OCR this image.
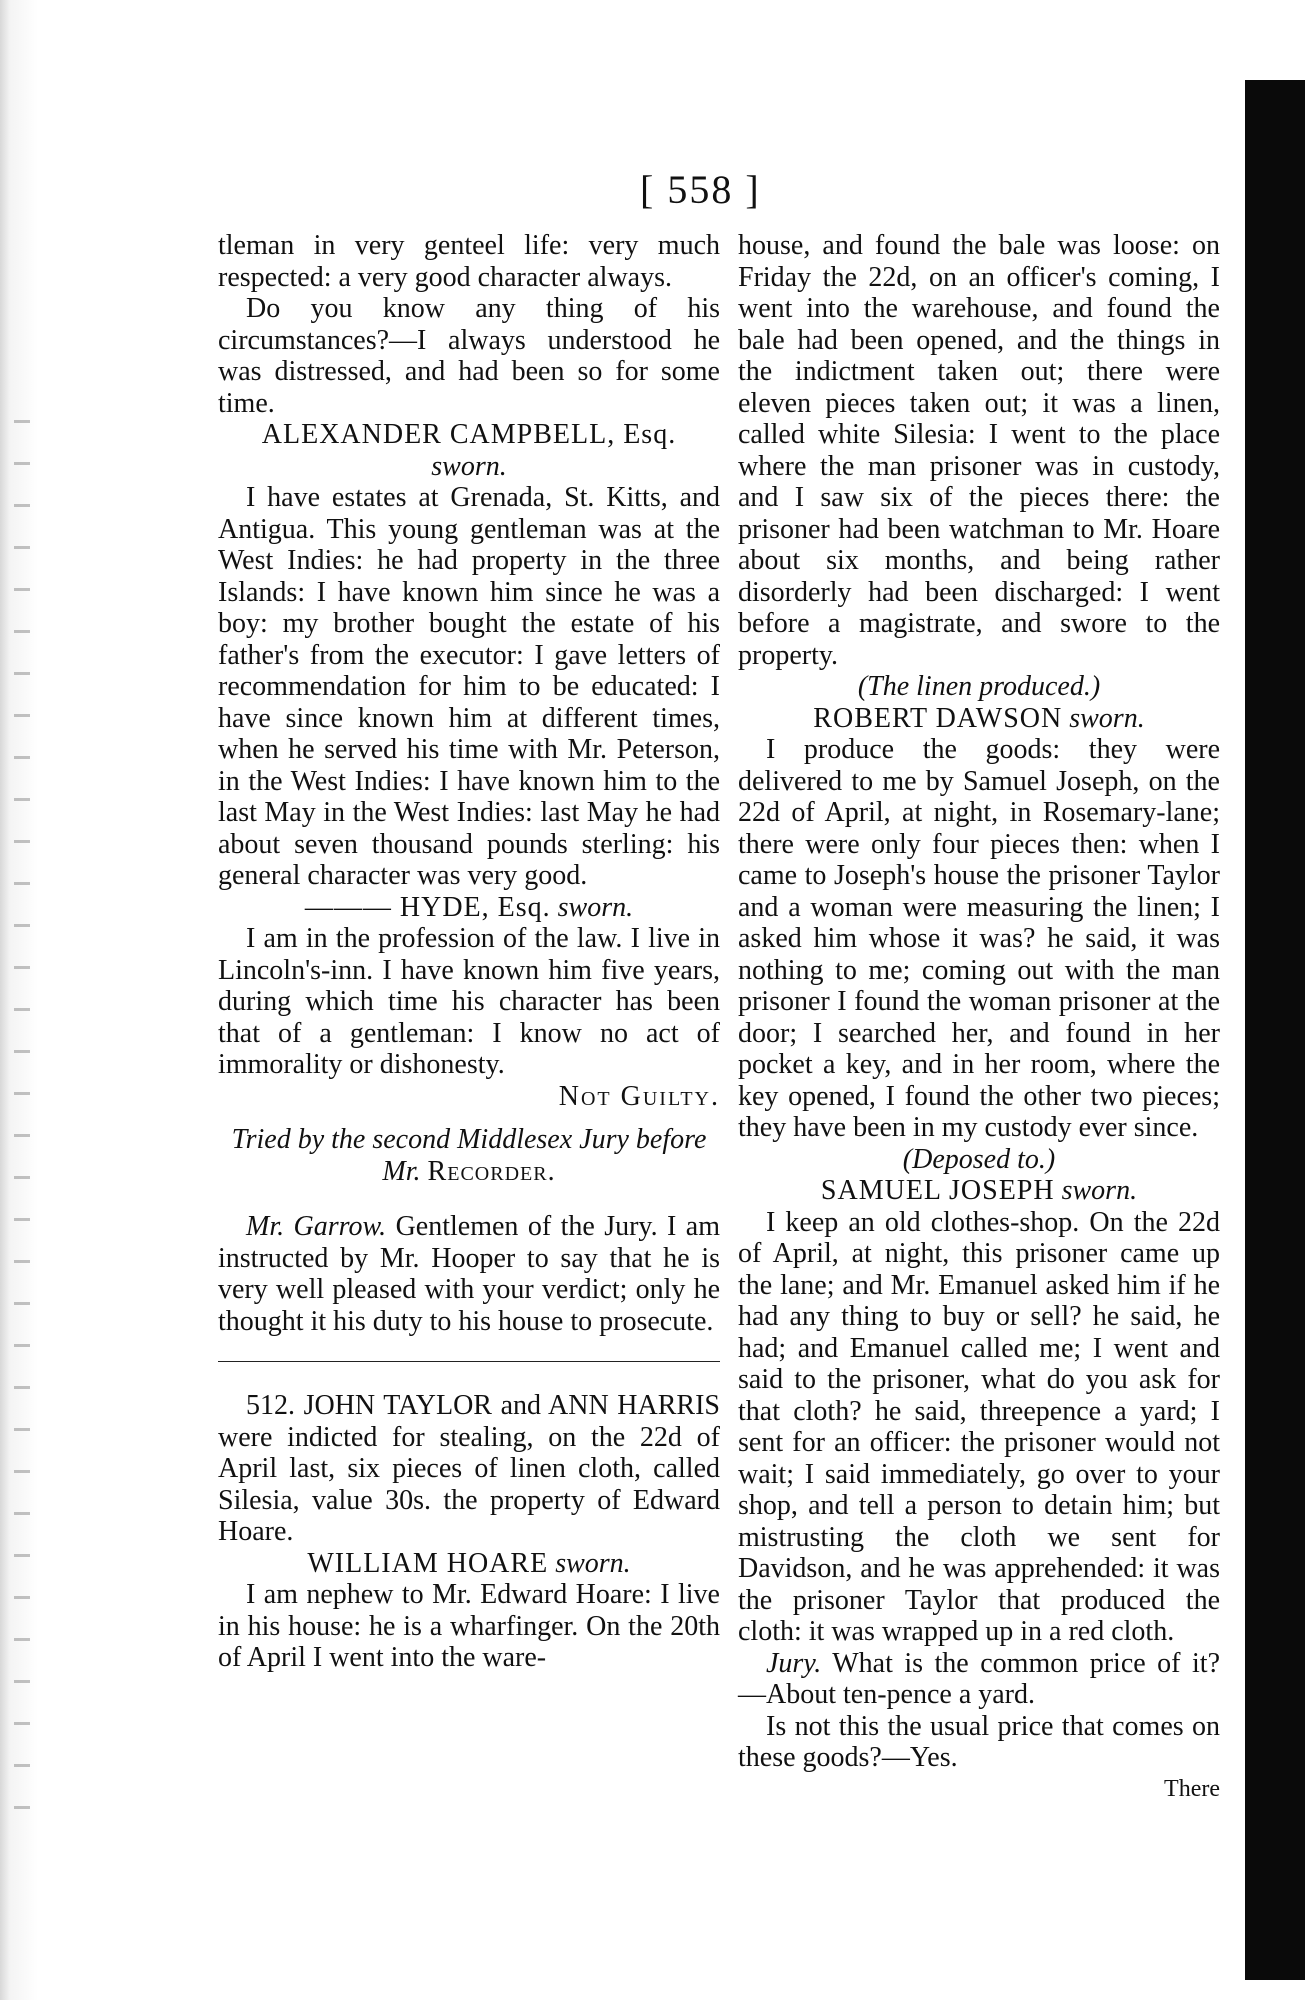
[ 558 ]

tleman in very genteel life: very much respected: a very good character always.

Do you know any thing of his circumstances?—I always understood he was distressed, and had been so for some time.

ALEXANDER CAMPBELL, Esq.

sworn.

I have estates at Grenada, St. Kitts, and Antigua. This young gentleman was at the West Indies: he had property in the three Islands: I have known him since he was a boy: my brother bought the estate of his father's from the executor: I gave letters of recommendation for him to be educated: I have since known him at different times, when he served his time with Mr. Peterson, in the West Indies: I have known him to the last May in the West Indies: last May he had about seven thousand pounds sterling: his general character was very good.

——— HYDE, Esq. sworn.

I am in the profession of the law. I live in Lincoln's-inn. I have known him five years, during which time his character has been that of a gentleman: I know no act of immorality or dishonesty.

Not Guilty.

Tried by the second Middlesex Jury before
Mr. Recorder.

Mr. Garrow. Gentlemen of the Jury. I am instructed by Mr. Hooper to say that he is very well pleased with your verdict; only he thought it his duty to his house to prosecute.

512. JOHN TAYLOR and ANN HARRIS were indicted for stealing, on the 22d of April last, six pieces of linen cloth, called Silesia, value 30s. the property of Edward Hoare.

WILLIAM HOARE sworn.

I am nephew to Mr. Edward Hoare: I live in his house: he is a wharfinger. On the 20th of April I went into the ware-

house, and found the bale was loose: on Friday the 22d, on an officer's coming, I went into the warehouse, and found the bale had been opened, and the things in the indictment taken out; there were eleven pieces taken out; it was a linen, called white Silesia: I went to the place where the man prisoner was in custody, and I saw six of the pieces there: the prisoner had been watchman to Mr. Hoare about six months, and being rather disorderly had been discharged: I went before a magistrate, and swore to the property.

(The linen produced.)

ROBERT DAWSON sworn.

I produce the goods: they were delivered to me by Samuel Joseph, on the 22d of April, at night, in Rosemary-lane; there were only four pieces then: when I came to Joseph's house the prisoner Taylor and a woman were measuring the linen; I asked him whose it was? he said, it was nothing to me; coming out with the man prisoner I found the woman prisoner at the door; I searched her, and found in her pocket a key, and in her room, where the key opened, I found the other two pieces; they have been in my custody ever since.

(Deposed to.)

SAMUEL JOSEPH sworn.

I keep an old clothes-shop. On the 22d of April, at night, this prisoner came up the lane; and Mr. Emanuel asked him if he had any thing to buy or sell? he said, he had; and Emanuel called me; I went and said to the prisoner, what do you ask for that cloth? he said, threepence a yard; I sent for an officer: the prisoner would not wait; I said immediately, go over to your shop, and tell a person to detain him; but mistrusting the cloth we sent for Davidson, and he was apprehended: it was the prisoner Taylor that produced the cloth: it was wrapped up in a red cloth.

Jury. What is the common price of it? —About ten-pence a yard.

Is not this the usual price that comes on these goods?—Yes.

There
